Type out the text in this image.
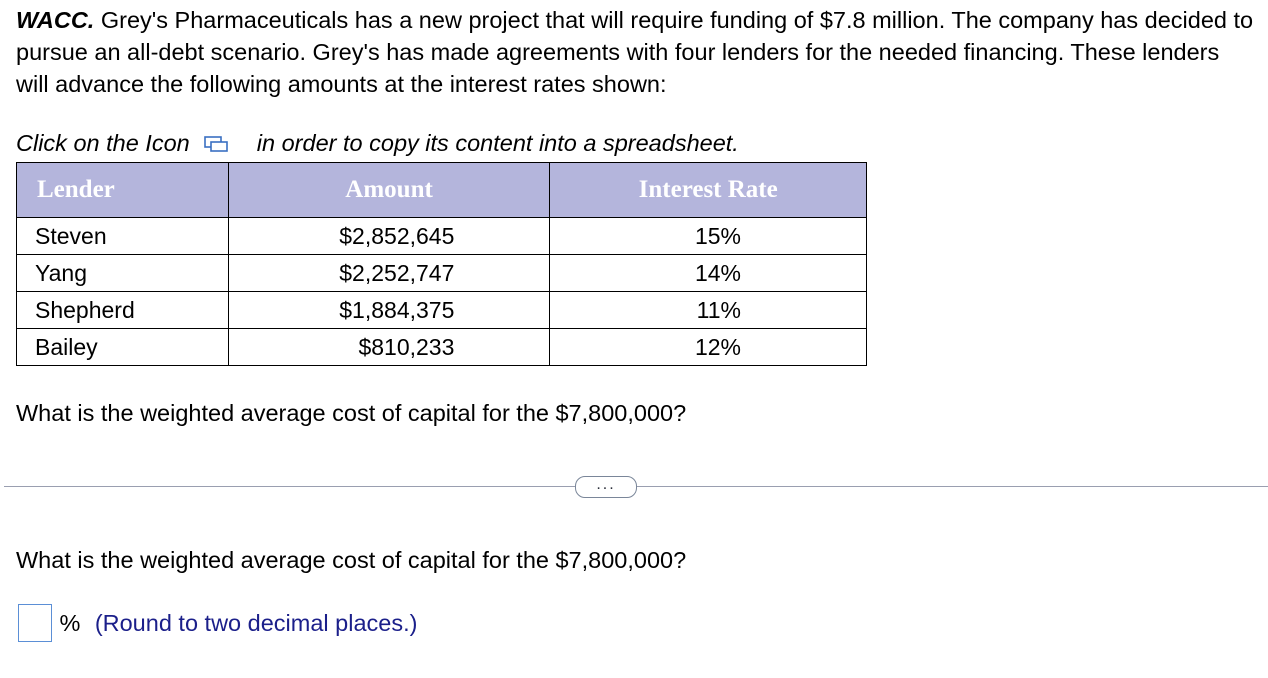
WACC. Grey's Pharmaceuticals has a new project that will require funding of $7.8 million. The company has decided to pursue an all-debt scenario. Grey's has made agreements with four lenders for the needed financing. These lenders will advance the following amounts at the interest rates shown:
Click on the Icon	in order to copy its content into a spreadsheet.
Lender	Amount	Interest Rate
Steven	$2,852,645	15%
Yang	$2,252,747	14%
Shepherd	$1,884,375	11%
Bailey	$810,233	12%
What is the weighted average cost of capital for the $7,800,000?
...
What is the weighted average cost of capital for the $7,800,000?
% (Round to two decimal places.)
